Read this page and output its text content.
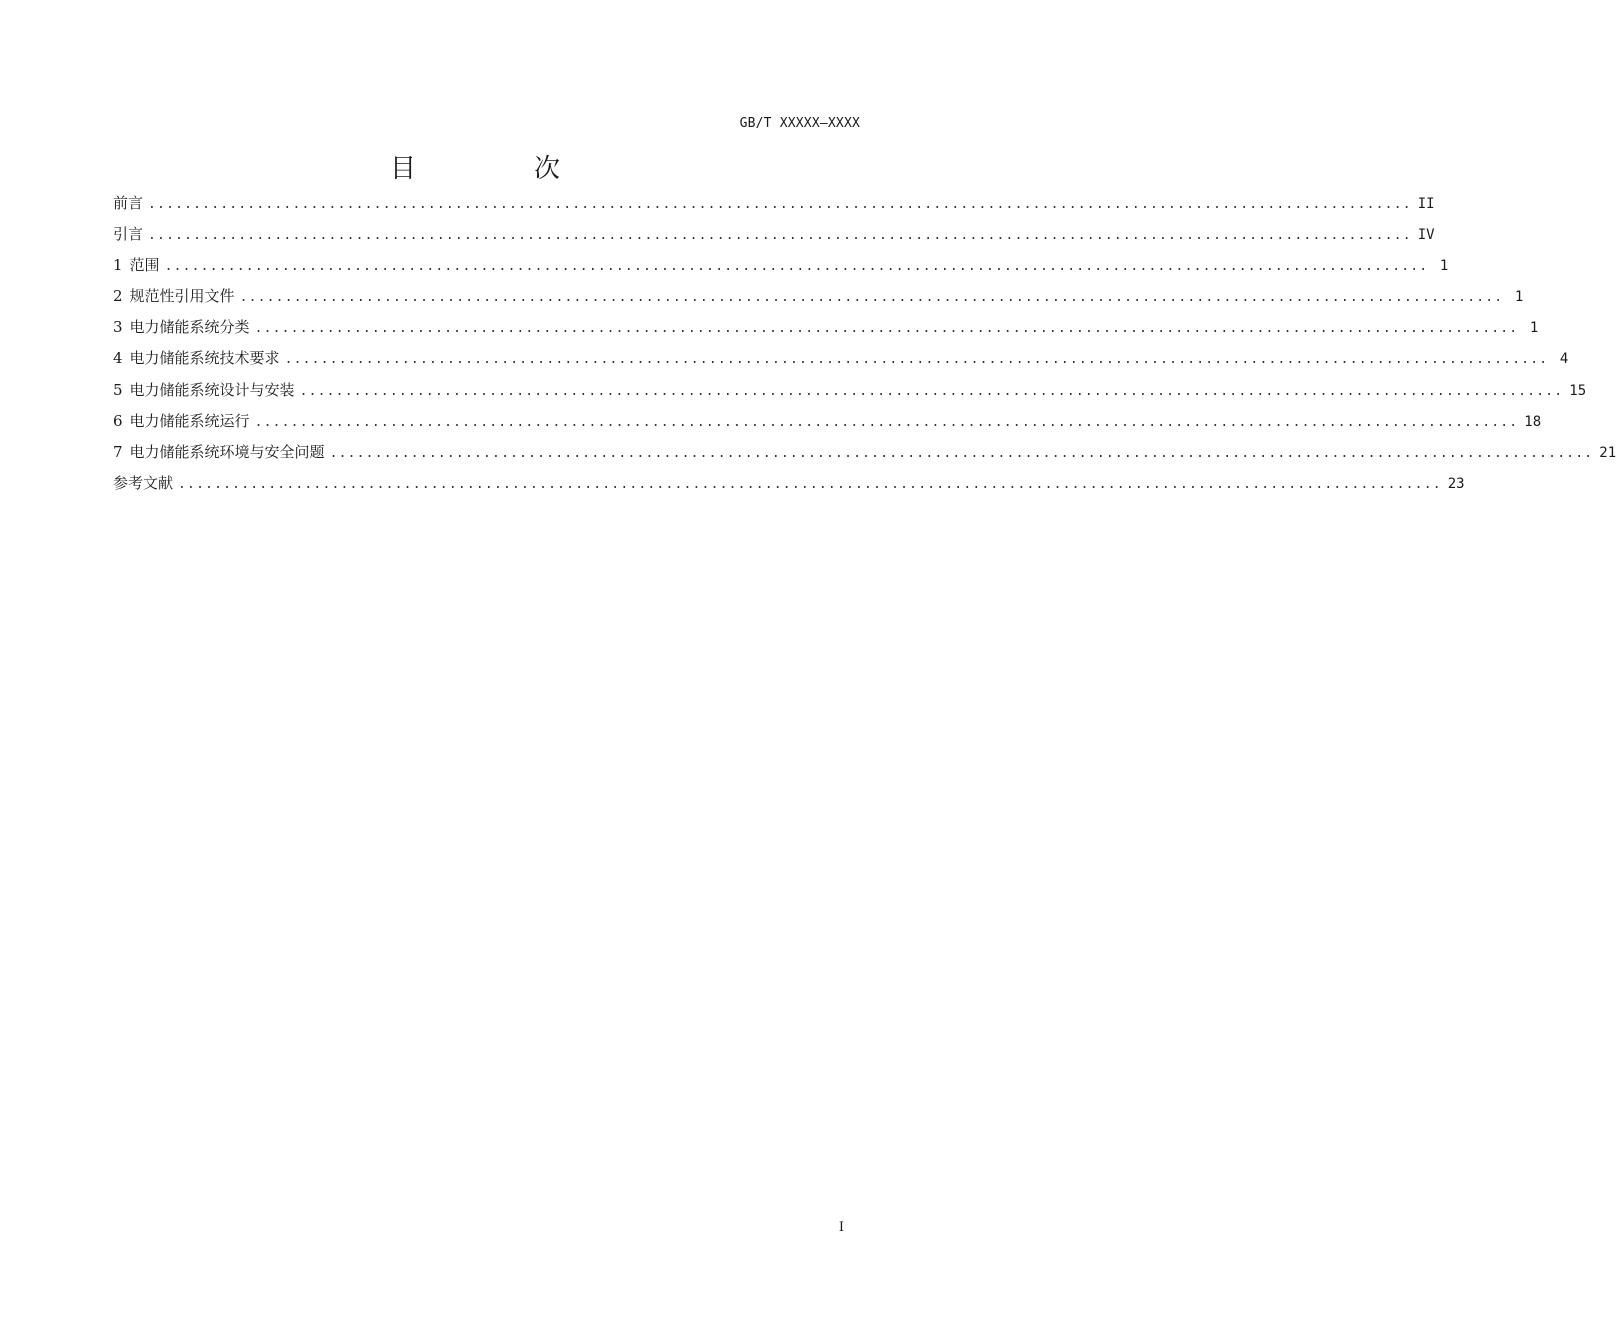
GB/T XXXXX—XXXX
目　次
前言 ............................................................................................................................................ II
引言 ............................................................................................................................................ IV
1 范围 ............................................................................................................................................ 1
2 规范性引用文件 ............................................................................................................................................ 1
3 电力储能系统分类 ............................................................................................................................................ 1
4 电力储能系统技术要求 ............................................................................................................................................ 4
5 电力储能系统设计与安装 ............................................................................................................................................ 15
6 电力储能系统运行 ............................................................................................................................................ 18
7 电力储能系统环境与安全问题 ............................................................................................................................................ 21
参考文献 ............................................................................................................................................ 23
I
